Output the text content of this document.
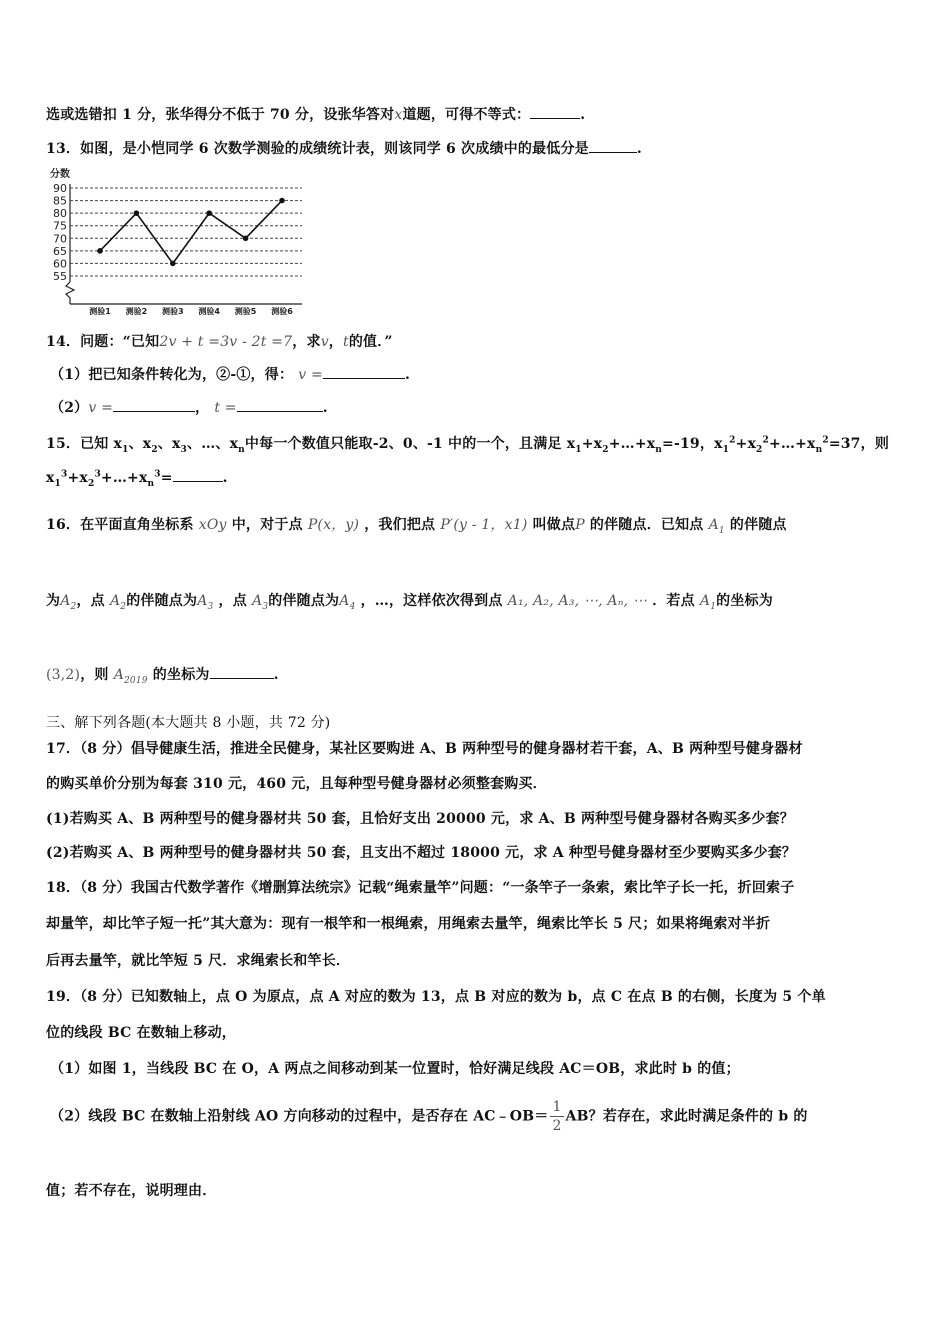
选或选错扣 1 分，张华得分不低于 70 分，设张华答对x道题，可得不等式：	.
13．如图，是小恺同学 6 次数学测验的成绩统计表，则该同学 6 次成绩中的最低分是	.
分数
55
60
65
70
75
80
85
90
测验1 测验2 测验3 测验4 测验5 测验6
14．问题：“已知2v + t =3v - 2t =7，求v，t的值．”
（1）把已知条件转化为，②-①，得： v =	.
（2）v =	， t =	.
15．已知 $x_1$、$x_2$、$x_3$、…、$x_n$中每一个数值只能取-2、0、-1 中的一个，且满足 $x_1+x_2+\dots+x_n=-19$，$x_1^2+x_2^2+\dots+x_n^2=37$，则
$x_1^3+x_2^3+\dots+x_n^3=$	.
16．在平面直角坐标系 xOy 中，对于点 P(x，y) ，我们把点 P′(y - 1，x1) 叫做点P 的伴随点．已知点 $A_1$ 的伴随点
为$A_2$，点 $A_2$的伴随点为$A_3$ ，点 $A_3$的伴随点为$A_4$ ，…，这样依次得到点 A₁, A₂, A₃, ⋯, Aₙ, ⋯ ．若点 $A_1$的坐标为
(3,2)，则 $A_{2019}$ 的坐标为	.
三、解下列各题(本大题共 8 小题，共 72 分)
17．（8 分）倡导健康生活，推进全民健身，某社区要购进 A、B 两种型号的健身器材若干套，A、B 两种型号健身器材
的购买单价分别为每套 310 元，460 元，且每种型号健身器材必须整套购买．
(1)若购买 A、B 两种型号的健身器材共 50 套，且恰好支出 20000 元，求 A、B 两种型号健身器材各购买多少套？
(2)若购买 A、B 两种型号的健身器材共 50 套，且支出不超过 18000 元，求 A 种型号健身器材至少要购买多少套？
18．（8 分）我国古代数学著作《增删算法统宗》记载“绳索量竿”问题：“一条竿子一条索，索比竿子长一托，折回索子
却量竿，却比竿子短一托”其大意为：现有一根竿和一根绳索，用绳索去量竿，绳索比竿长 5 尺；如果将绳索对半折
后再去量竿，就比竿短 5 尺．求绳索长和竿长．
19．（8 分）已知数轴上，点 O 为原点，点 A 对应的数为 13，点 B 对应的数为 b，点 C 在点 B 的右侧，长度为 5 个单
位的线段 BC 在数轴上移动，
（1）如图 1，当线段 BC 在 O，A 两点之间移动到某一位置时，恰好满足线段 AC＝OB，求此时 b 的值；
（2）线段 BC 在数轴上沿射线 AO 方向移动的过程中，是否存在 AC﹣OB＝ $\frac{1}{2}$ AB？若存在，求此时满足条件的 b 的
值；若不存在，说明理由．
